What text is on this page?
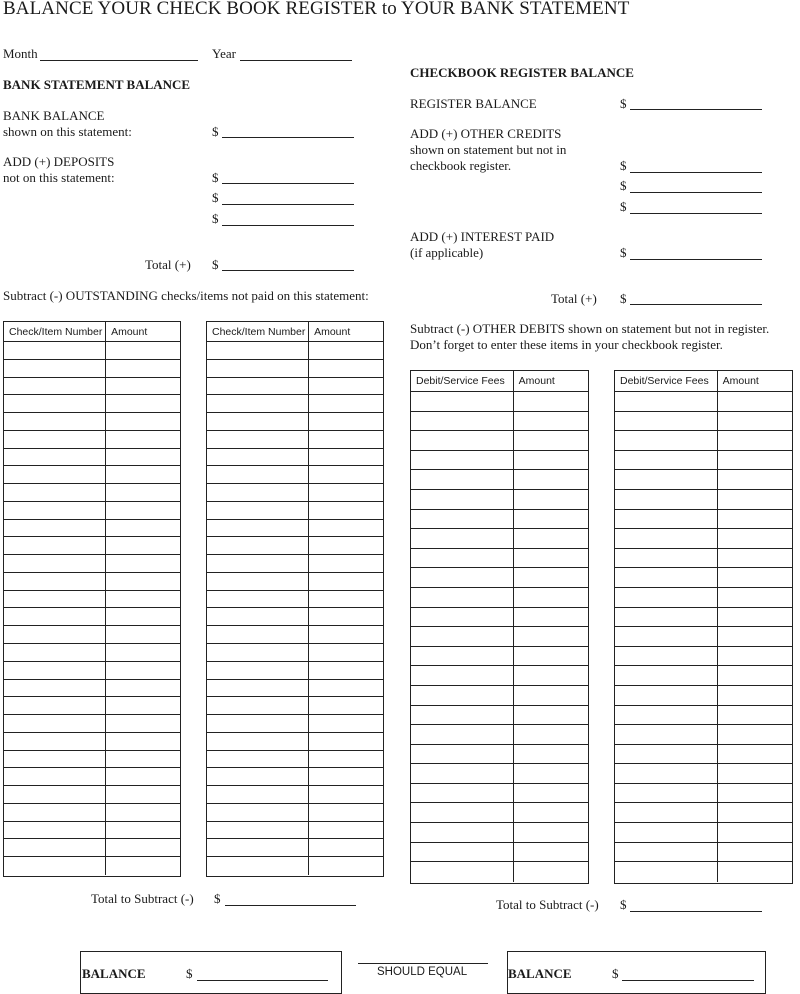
BALANCE YOUR CHECK BOOK REGISTER to YOUR BANK STATEMENT
Month	Year
BANK STATEMENT BALANCE
BANK BALANCE
shown on this statement:	$
ADD (+) DEPOSITS
not on this statement:	$
$
$
Total (+) $
Subtract (-) OUTSTANDING checks/items not paid on this statement:
Check/Item Number Amount	Check/Item Number Amount
Total to Subtract (-) $
CHECKBOOK REGISTER BALANCE
REGISTER BALANCE	$
ADD (+) OTHER CREDITS
shown on statement but not in
checkbook register.	$
$
$
ADD (+) INTEREST PAID
(if applicable)	$
Total (+) $
Subtract (-) OTHER DEBITS shown on statement but not in register.
Don’t forget to enter these items in your checkbook register.
Debit/Service Fees	Amount	Debit/Service Fees	Amount
Total to Subtract (-) $
BALANCE	$	SHOULD EQUAL	BALANCE	$
